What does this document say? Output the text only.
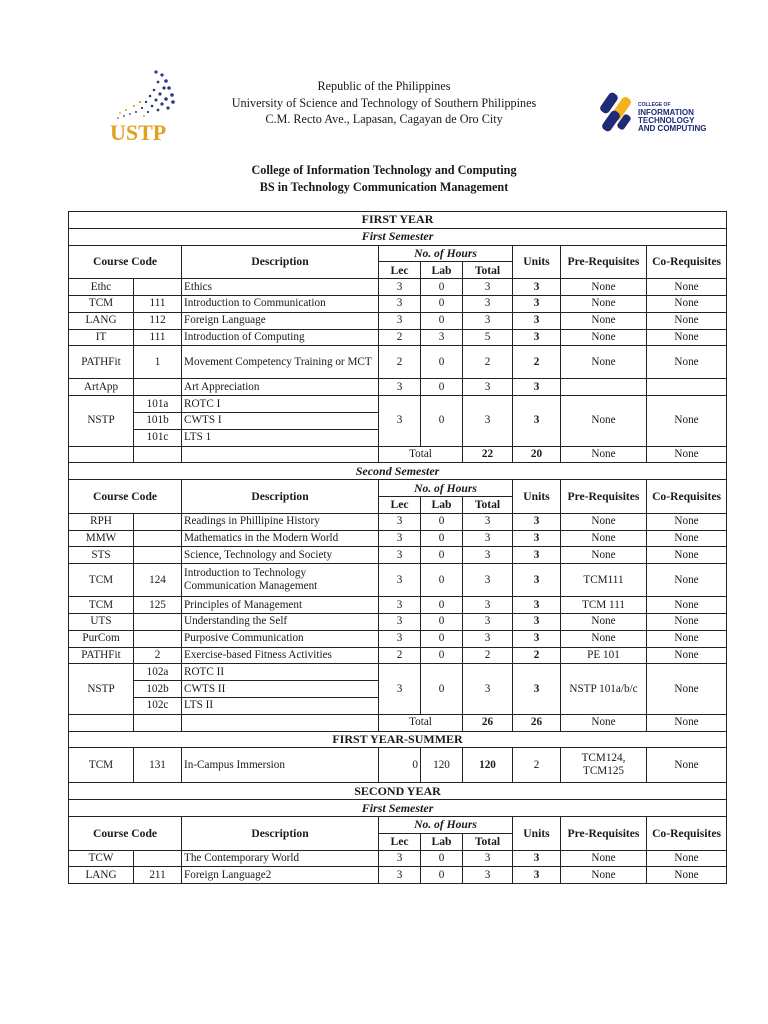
USTP
COLLEGE OF
INFORMATION
TECHNOLOGY
AND COMPUTING
Republic of the Philippines
University of Science and Technology of Southern Philippines
C.M. Recto Ave., Lapasan, Cagayan de Oro City
College of Information Technology and Computing
BS in Technology Communication Management
FIRST YEAR								
First Semester								
Course Code		Description	No. of Hours			Units	Pre-Requisites	Co-Requisites
			Lec	Lab	Total			
Ethc		Ethics	3	0	3	3	None	None
TCM	111	Introduction to Communication	3	0	3	3	None	None
LANG	112	Foreign Language	3	0	3	3	None	None
IT	111	Introduction of Computing	2	3	5	3	None	None
PATHFit	1	Movement Competency Training or MCT	2	0	2	2	None	None
ArtApp		Art Appreciation	3	0	3	3		
NSTP	101a	ROTC I	3	0	3	3	None	None
	101b	CWTS I						
	101c	LTS 1						
			Total		22	20	None	None
Second Semester								
Course Code		Description	No. of Hours			Units	Pre-Requisites	Co-Requisites
			Lec	Lab	Total			
RPH		Readings in Phillipine History	3	0	3	3	None	None
MMW		Mathematics in the Modern World	3	0	3	3	None	None
STS		Science, Technology and Society	3	0	3	3	None	None
TCM	124	Introduction to Technology Communication Management	3	0	3	3	TCM111	None
TCM	125	Principles of Management	3	0	3	3	TCM 111	None
UTS		Understanding the Self	3	0	3	3	None	None
PurCom		Purposive Communication	3	0	3	3	None	None
PATHFit	2	Exercise-based Fitness Activities	2	0	2	2	PE 101	None
NSTP	102a	ROTC II	3	0	3	3	NSTP 101a/b/c	None
	102b	CWTS II						
	102c	LTS II						
			Total		26	26	None	None
FIRST YEAR-SUMMER								
TCM	131	In-Campus Immersion	0	120	120	2	TCM124, TCM125	None
SECOND YEAR								
First Semester								
Course Code		Description	No. of Hours			Units	Pre-Requisites	Co-Requisites
			Lec	Lab	Total			
TCW		The Contemporary World	3	0	3	3	None	None
LANG	211	Foreign Language2	3	0	3	3	None	None
